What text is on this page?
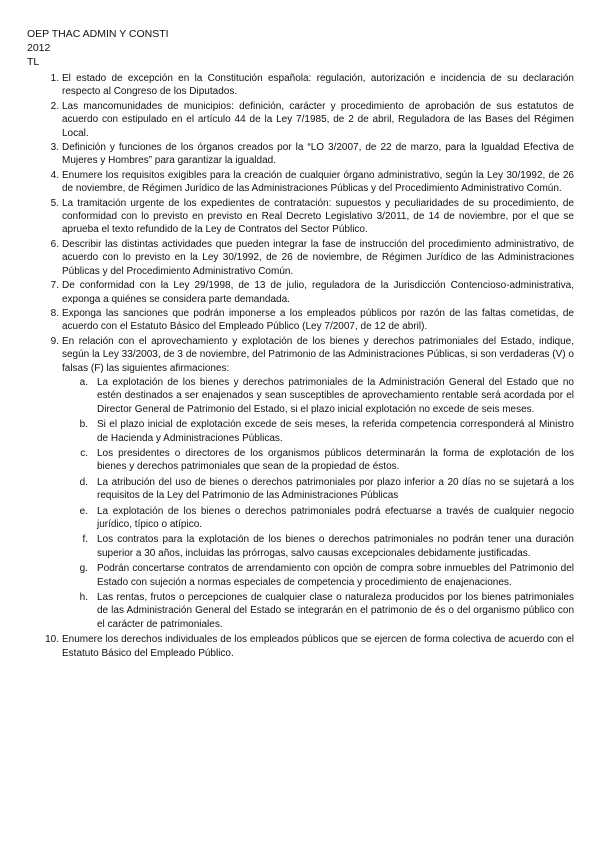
OEP THAC ADMIN Y CONSTI
2012
TL
1. El estado de excepción en la Constitución española: regulación, autorización e incidencia de su declaración respecto al Congreso de los Diputados.
2. Las mancomunidades de municipios: definición, carácter y procedimiento de aprobación de sus estatutos de acuerdo con estipulado en el artículo 44 de la Ley 7/1985, de 2 de abril, Reguladora de las Bases del Régimen Local.
3. Definición y funciones de los órganos creados por la “LO 3/2007, de 22 de marzo, para la Igualdad Efectiva de Mujeres y Hombres” para garantizar la igualdad.
4. Enumere los requisitos exigibles para la creación de cualquier órgano administrativo, según la Ley 30/1992, de 26 de noviembre, de Régimen Jurídico de las Administraciones Públicas y del Procedimiento Administrativo Común.
5. La tramitación urgente de los expedientes de contratación: supuestos y peculiaridades de su procedimiento, de conformidad con lo previsto en previsto en Real Decreto Legislativo 3/2011, de 14 de noviembre, por el que se aprueba el texto refundido de la Ley de Contratos del Sector Público.
6. Describir las distintas actividades que pueden integrar la fase de instrucción del procedimiento administrativo, de acuerdo con lo previsto en la Ley 30/1992, de 26 de noviembre, de Régimen Jurídico de las Administraciones Públicas y del Procedimiento Administrativo Común.
7. De conformidad con la Ley 29/1998, de 13 de julio, reguladora de la Jurisdicción Contencioso-administrativa, exponga a quiénes se considera parte demandada.
8. Exponga las sanciones que podrán imponerse a los empleados públicos por razón de las faltas cometidas, de acuerdo con el Estatuto Básico del Empleado Público (Ley 7/2007, de 12 de abril).
9. En relación con el aprovechamiento y explotación de los bienes y derechos patrimoniales del Estado, indique, según la Ley 33/2003, de 3 de noviembre, del Patrimonio de las Administraciones Públicas, si son verdaderas (V) o falsas (F) las siguientes afirmaciones:
a. La explotación de los bienes y derechos patrimoniales de la Administración General del Estado que no estén destinados a ser enajenados y sean susceptibles de aprovechamiento rentable será acordada por el Director General de Patrimonio del Estado, si el plazo inicial explotación no excede de seis meses.
b. Si el plazo inicial de explotación excede de seis meses, la referida competencia corresponderá al Ministro de Hacienda y Administraciones Públicas.
c. Los presidentes o directores de los organismos públicos determinarán la forma de explotación de los bienes y derechos patrimoniales que sean de la propiedad de éstos.
d. La atribución del uso de bienes o derechos patrimoniales por plazo inferior a 20 días no se sujetará a los requisitos de la Ley del Patrimonio de las Administraciones Públicas
e. La explotación de los bienes o derechos patrimoniales podrá efectuarse a través de cualquier negocio jurídico, típico o atípico.
f. Los contratos para la explotación de los bienes o derechos patrimoniales no podrán tener una duración superior a 30 años, incluidas las prórrogas, salvo causas excepcionales debidamente justificadas.
g. Podrán concertarse contratos de arrendamiento con opción de compra sobre inmuebles del Patrimonio del Estado con sujeción a normas especiales de competencia y procedimiento de enajenaciones.
h. Las rentas, frutos o percepciones de cualquier clase o naturaleza producidos por los bienes patrimoniales de las Administración General del Estado se integrarán en el patrimonio de és o del organismo público con el carácter de patrimoniales.
10. Enumere los derechos individuales de los empleados públicos que se ejercen de forma colectiva de acuerdo con el Estatuto Básico del Empleado Público.
